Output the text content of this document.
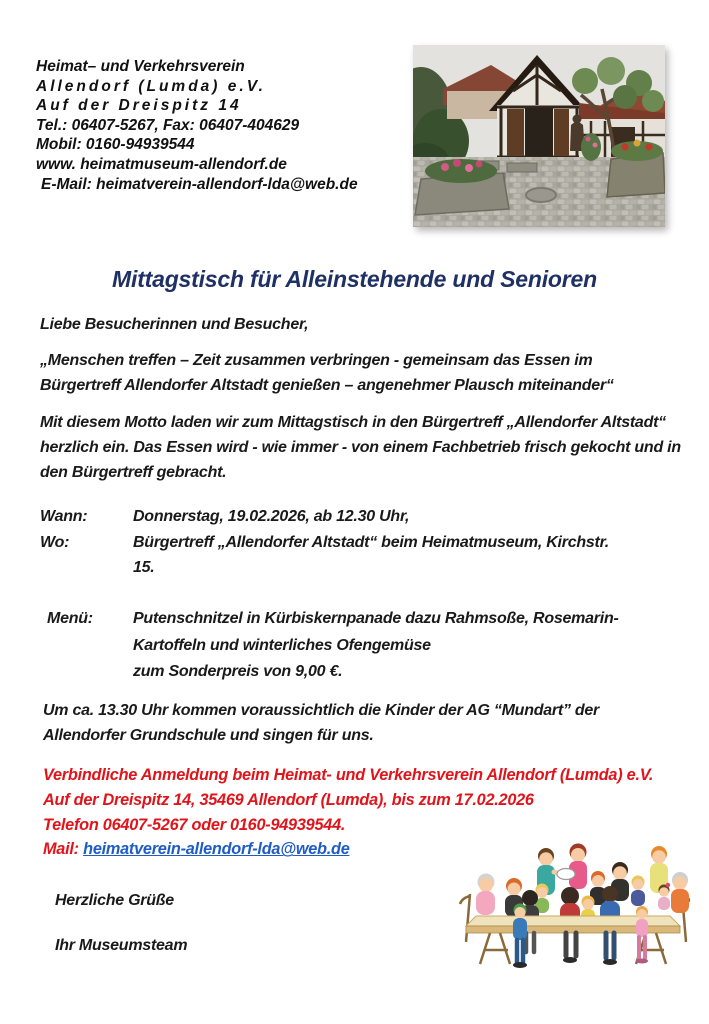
Heimat– und Verkehrsverein
Allendorf (Lumda) e.V.
Auf der Dreispitz 14
Tel.: 06407-5267, Fax: 06407-404629
Mobil: 0160-94939544
www. heimatmuseum-allendorf.de
E-Mail: heimatverein-allendorf-lda@web.de
Mittagstisch für Alleinstehende und Senioren
Liebe Besucherinnen und Besucher,
„Menschen treffen – Zeit zusammen verbringen - gemeinsam das Essen im
Bürgertreff Allendorfer Altstadt genießen – angenehmer Plausch miteinander“
Mit diesem Motto laden wir zum Mittagstisch in den Bürgertreff „Allendorfer Altstadt“
herzlich ein. Das Essen wird - wie immer - von einem Fachbetrieb frisch gekocht und in
den Bürgertreff gebracht.
Wann:	Donnerstag, 19.02.2026, ab 12.30 Uhr,
Wo:	Bürgertreff „Allendorfer Altstadt“ beim Heimatmuseum, Kirchstr.
15.
Menü:	Putenschnitzel in Kürbiskernpanade dazu Rahmsoße, Rosemarin-
Kartoffeln und winterliches Ofengemüse
zum Sonderpreis von 9,00 €.
Um ca. 13.30 Uhr kommen voraussichtlich die Kinder der AG “Mundart” der
Allendorfer Grundschule und singen für uns.
Verbindliche Anmeldung beim Heimat- und Verkehrsverein Allendorf (Lumda) e.V.
Auf der Dreispitz 14, 35469 Allendorf (Lumda), bis zum 17.02.2026
Telefon 06407-5267 oder 0160-94939544.
Mail: heimatverein-allendorf-lda@web.de
Herzliche Grüße
Ihr Museumsteam
